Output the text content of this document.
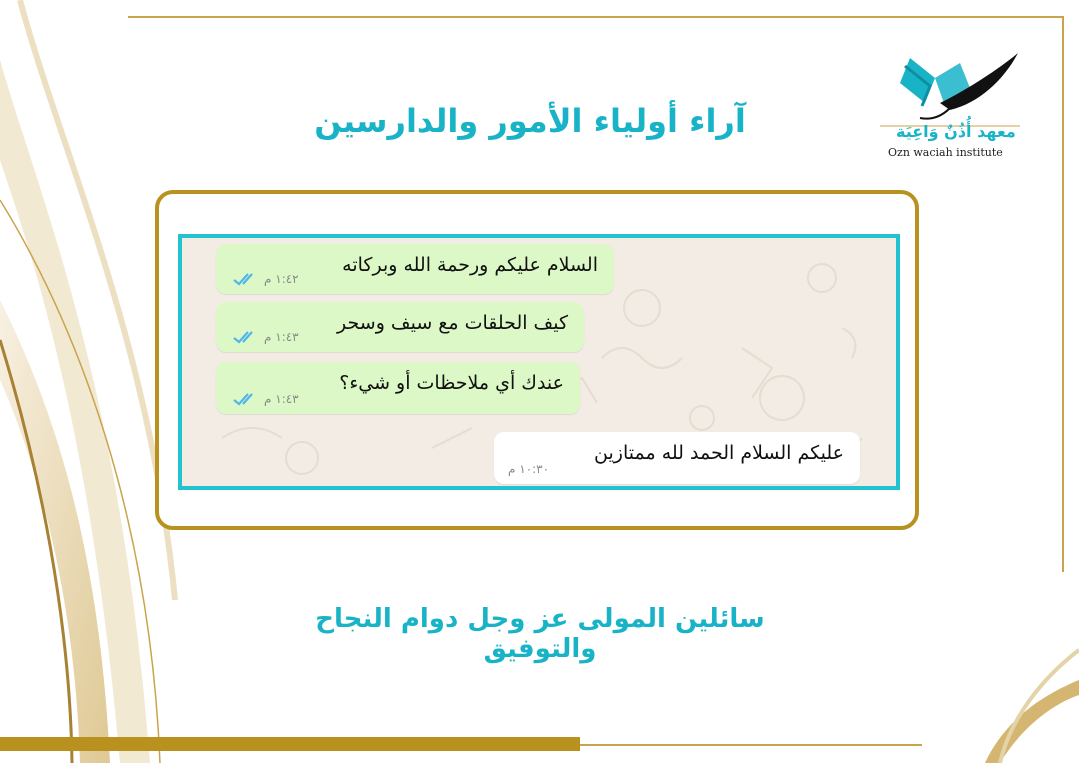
معهد أُذُنٌ وَاعِيَة
Ozn waciah institute
آراء أولياء الأمور والدارسين
السلام عليكم ورحمة الله وبركاته
١:٤٢ م
كيف الحلقات مع سيف وسحر
١:٤٣ م
عندك أي ملاحظات أو شيء؟
١:٤٣ م
عليكم السلام الحمد لله ممتازين
١٠:٣٠ م
سائلين المولى عز وجل دوام النجاح والتوفيق
